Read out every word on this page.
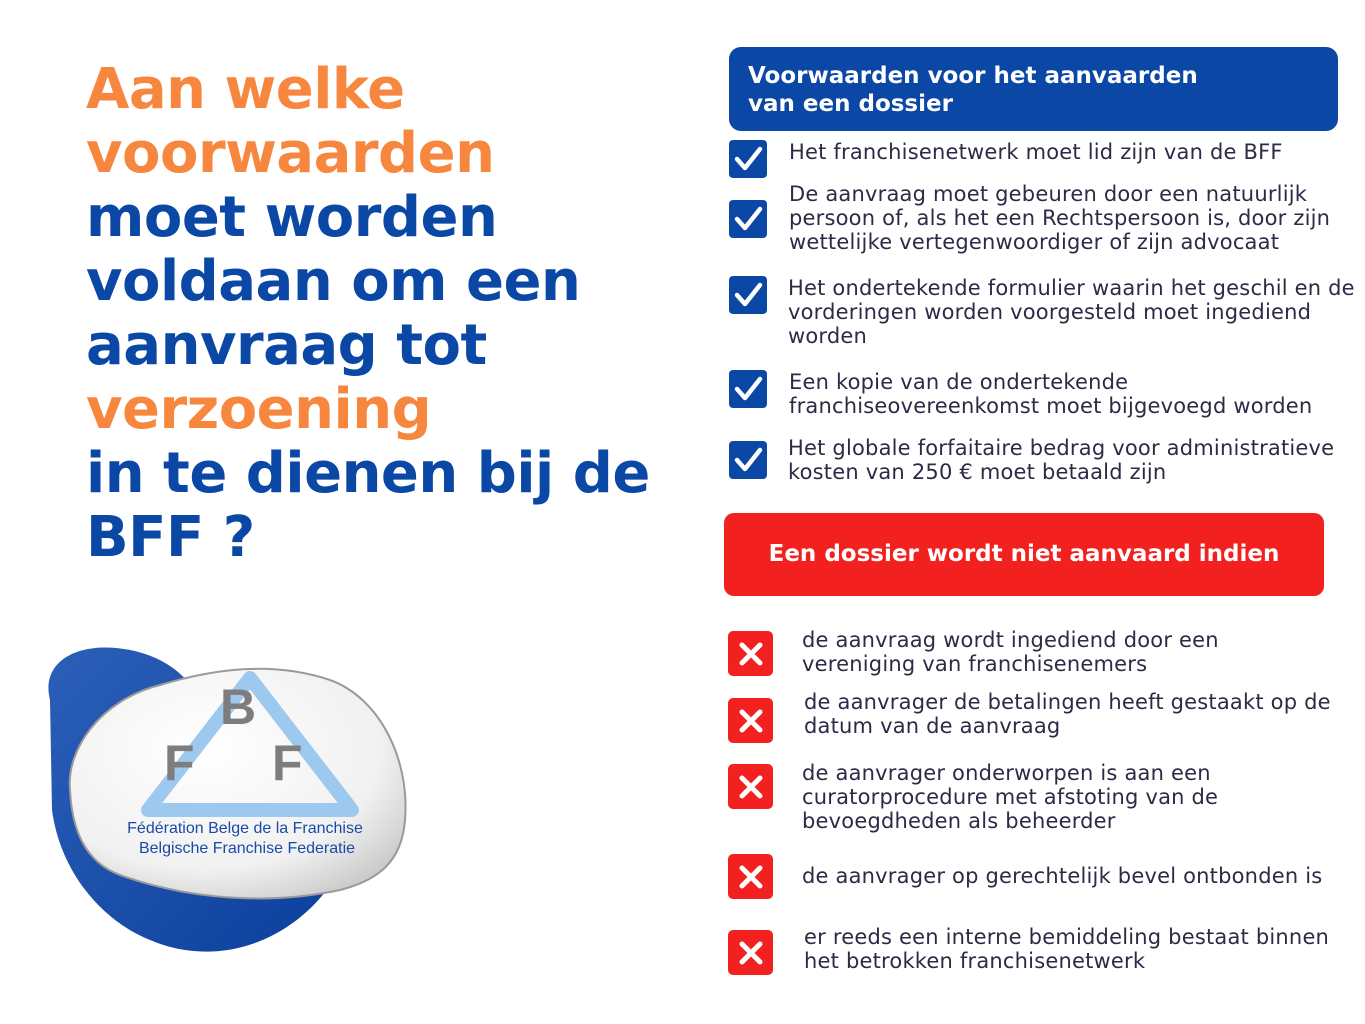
Aan welke
voorwaarden
moet worden
voldaan om een
aanvraag tot
verzoening
in te dienen bij de
BFF ?
B
F F
Fédération Belge de la Franchise
Belgische Franchise Federatie
Voorwaarden voor het aanvaarden
van een dossier
Het franchisenetwerk moet lid zijn van de BFF
De aanvraag moet gebeuren door een natuurlijk
persoon of, als het een Rechtspersoon is, door zijn
wettelijke vertegenwoordiger of zijn advocaat
Het ondertekende formulier waarin het geschil en de
vorderingen worden voorgesteld moet ingediend
worden
Een kopie van de ondertekende
franchiseovereenkomst moet bijgevoegd worden
Het globale forfaitaire bedrag voor administratieve
kosten van 250 € moet betaald zijn
Een dossier wordt niet aanvaard indien
de aanvraag wordt ingediend door een
vereniging van franchisenemers
de aanvrager de betalingen heeft gestaakt op de
datum van de aanvraag
de aanvrager onderworpen is aan een
curatorprocedure met afstoting van de
bevoegdheden als beheerder
de aanvrager op gerechtelijk bevel ontbonden is
er reeds een interne bemiddeling bestaat binnen
het betrokken franchisenetwerk
